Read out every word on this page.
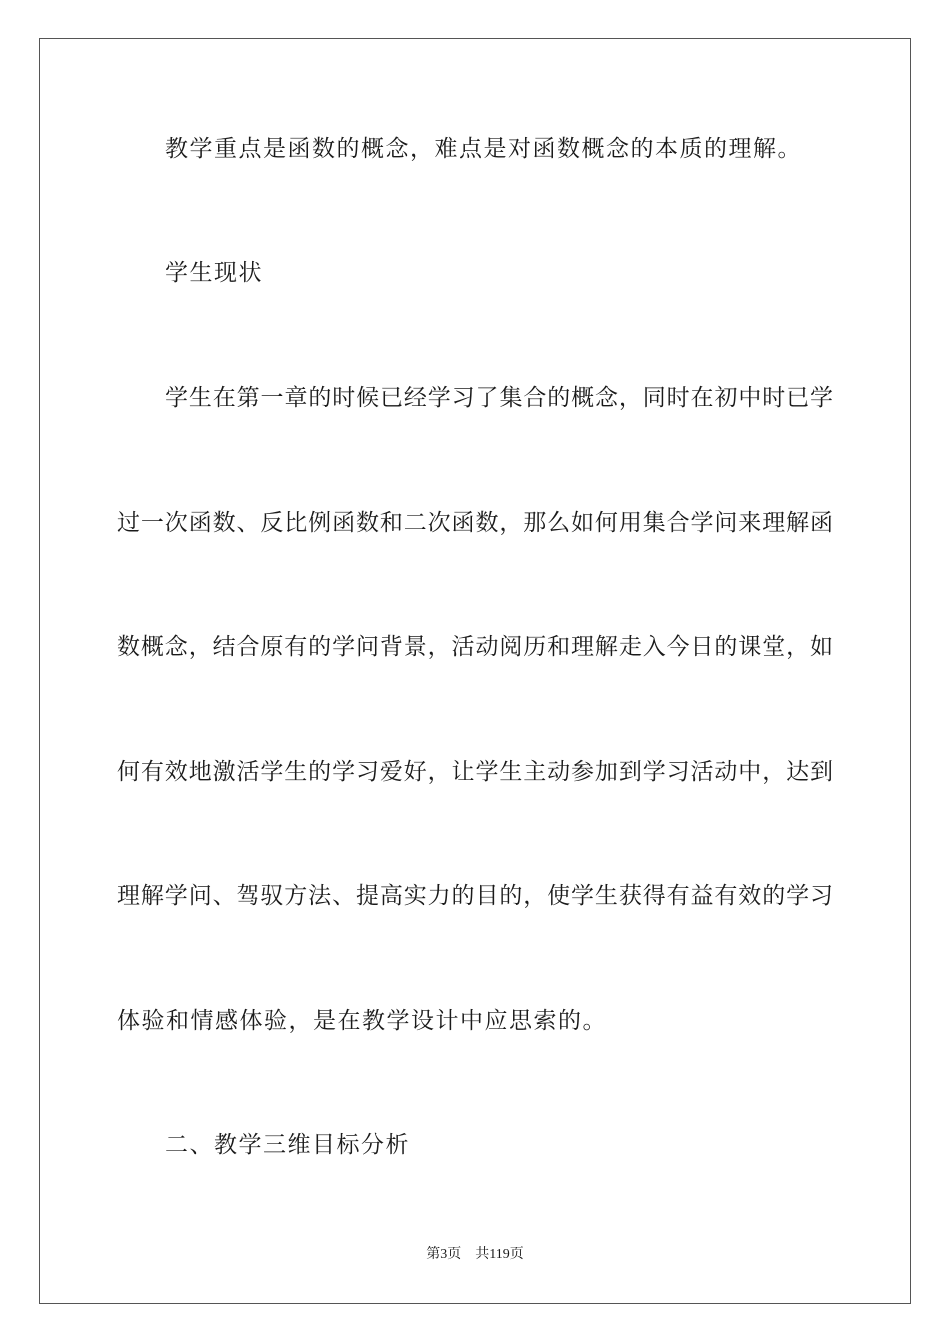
教学重点是函数的概念，难点是对函数概念的本质的理解。

学生现状

学生在第一章的时候已经学习了集合的概念，同时在初中时已学

过一次函数、反比例函数和二次函数，那么如何用集合学问来理解函

数概念，结合原有的学问背景，活动阅历和理解走入今日的课堂，如

何有效地激活学生的学习爱好，让学生主动参加到学习活动中，达到

理解学问、驾驭方法、提高实力的目的，使学生获得有益有效的学习

体验和情感体验，是在教学设计中应思索的。

二、教学三维目标分析

第3页 共119页
